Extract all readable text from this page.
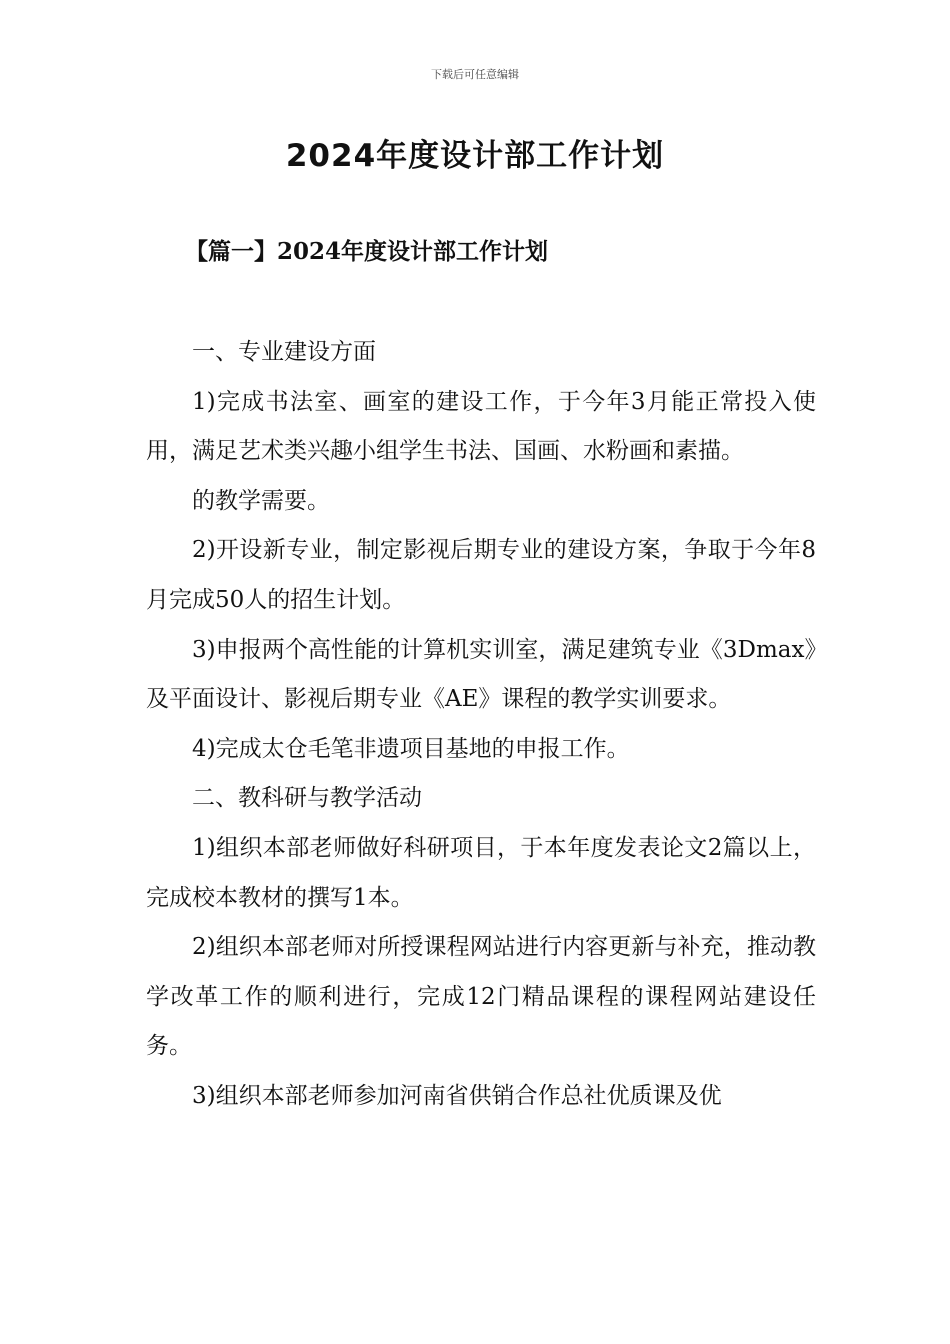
下载后可任意编辑
2024年度设计部工作计划
【篇一】2024年度设计部工作计划

一、专业建设方面

1)完成书法室、画室的建设工作，于今年3月能正常投入使用，满足艺术类兴趣小组学生书法、国画、水粉画和素描。

的教学需要。

2)开设新专业，制定影视后期专业的建设方案，争取于今年8月完成50人的招生计划。

3)申报两个高性能的计算机实训室，满足建筑专业《3Dmax》及平面设计、影视后期专业《AE》课程的教学实训要求。

4)完成太仓毛笔非遗项目基地的申报工作。

二、教科研与教学活动

1)组织本部老师做好科研项目，于本年度发表论文2篇以上，完成校本教材的撰写1本。

2)组织本部老师对所授课程网站进行内容更新与补充，推动教学改革工作的顺利进行，完成12门精品课程的课程网站建设任务。

3)组织本部老师参加河南省供销合作总社优质课及优
